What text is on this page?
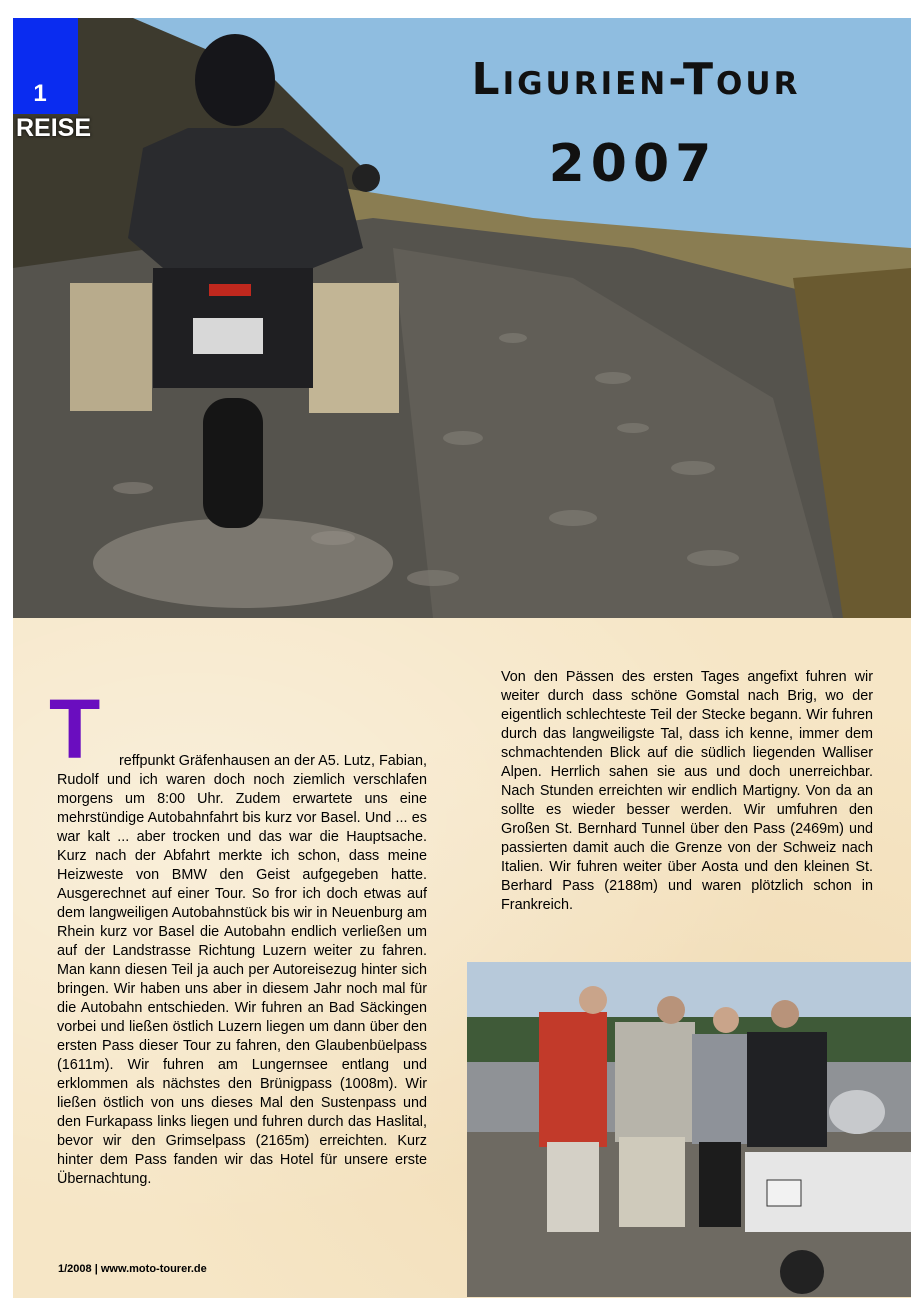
1
REISE
Ligurien-Tour
2007
T	reffpunkt Gräfenhausen an der A5. Lutz, Fabian, Rudolf und ich waren doch noch ziemlich verschlafen morgens um 8:00 Uhr. Zudem erwartete uns eine mehrstündige Autobahnfahrt bis kurz vor Basel. Und ... es war kalt ... aber trocken und das war die Hauptsache. Kurz nach der Abfahrt merkte ich schon, dass meine Heizweste von BMW den Geist aufgegeben hatte. Ausgerechnet auf einer Tour. So fror ich doch etwas auf dem langweiligen Autobahnstück bis wir in Neuenburg am Rhein kurz vor Basel die Autobahn endlich verließen um auf der Landstrasse Richtung Luzern weiter zu fahren. Man kann diesen Teil ja auch per Autoreisezug hinter sich bringen. Wir haben uns aber in diesem Jahr noch mal für die Autobahn entschieden. Wir fuhren an Bad Säckingen vorbei und ließen östlich Luzern liegen um dann über den ersten Pass dieser Tour zu fahren, den Glaubenbüelpass (1611m). Wir fuhren am Lungernsee entlang und erklommen als nächstes den Brünigpass (1008m). Wir ließen östlich von uns dieses Mal den Sustenpass und den Furkapass links liegen und fuhren durch das Haslital, bevor wir den Grimselpass (2165m) erreichten. Kurz hinter dem Pass fanden wir das Hotel für unsere erste Übernachtung.
Von den Pässen des ersten Tages angefixt fuhren wir weiter durch dass schöne Gomstal nach Brig, wo der eigentlich schlechteste Teil der Stecke begann. Wir fuhren durch das langweiligste Tal, dass ich kenne, immer dem schmachtenden Blick auf die südlich liegenden Walliser Alpen. Herrlich sahen sie aus und doch unerreichbar. Nach Stunden erreichten wir endlich Martigny. Von da an sollte es wieder besser werden. Wir umfuhren den Großen St. Bernhard Tunnel über den Pass (2469m) und passierten damit auch die Grenze von der Schweiz nach Italien. Wir fuhren weiter über Aosta und den kleinen St. Berhard Pass (2188m) und waren plötzlich schon in Frankreich.
1/2008 | www.moto-tourer.de
